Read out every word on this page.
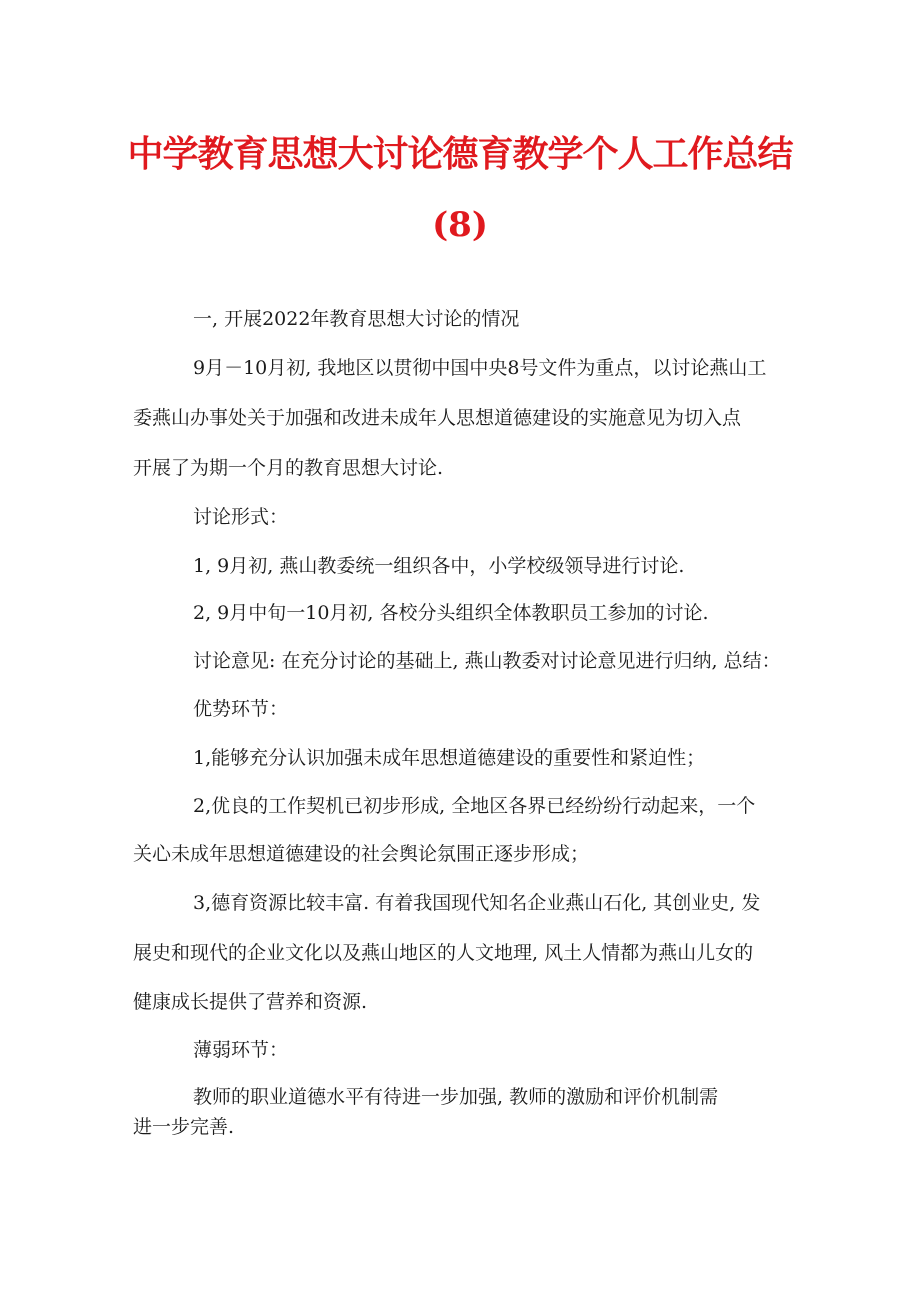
中学教育思想大讨论德育教学个人工作总结
(8)

一, 开展2022年教育思想大讨论的情况

9月－10月初, 我地区以贯彻中国中央8号文件为重点，以讨论燕山工

委燕山办事处关于加强和改进未成年人思想道德建设的实施意见为切入点

开展了为期一个月的教育思想大讨论.

讨论形式：

1, 9月初, 燕山教委统一组织各中，小学校级领导进行讨论.

2, 9月中旬一10月初, 各校分头组织全体教职员工参加的讨论.

讨论意见: 在充分讨论的基础上, 燕山教委对讨论意见进行归纳, 总结：

优势环节：

1,能够充分认识加强未成年思想道德建设的重要性和紧迫性；

2,优良的工作契机已初步形成, 全地区各界已经纷纷行动起来，一个

关心未成年思想道德建设的社会舆论氛围正逐步形成；

3,德育资源比较丰富. 有着我国现代知名企业燕山石化, 其创业史, 发

展史和现代的企业文化以及燕山地区的人文地理, 风土人情都为燕山儿女的

健康成长提供了营养和资源.

薄弱环节：

教师的职业道德水平有待进一步加强, 教师的激励和评价机制需

进一步完善.
